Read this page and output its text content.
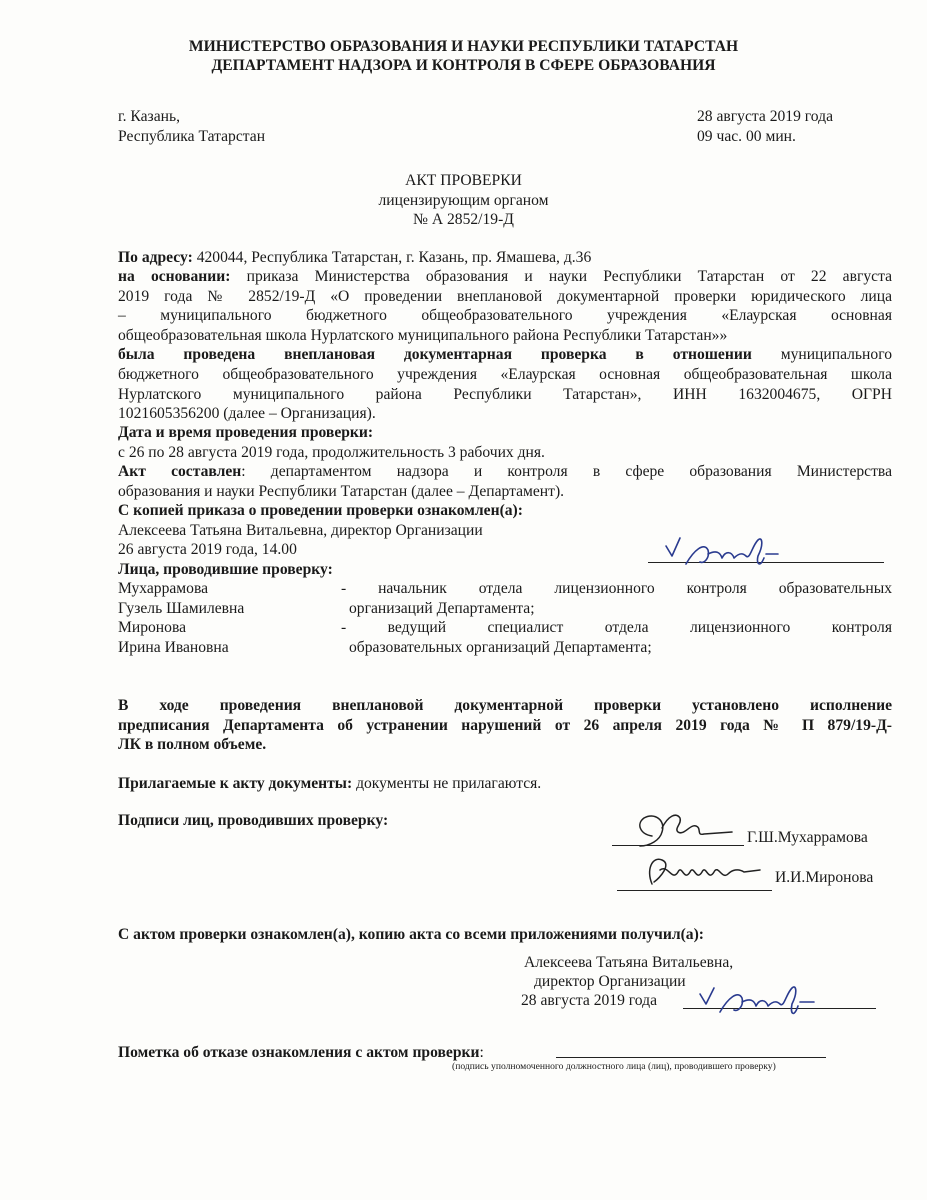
МИНИСТЕРСТВО ОБРАЗОВАНИЯ И НАУКИ РЕСПУБЛИКИ ТАТАРСТАН
ДЕПАРТАМЕНТ НАДЗОРА И КОНТРОЛЯ В СФЕРЕ ОБРАЗОВАНИЯ
г. Казань,
Республика Татарстан
28 августа 2019 года
09 час. 00 мин.
АКТ ПРОВЕРКИ
лицензирующим органом
№ А 2852/19-Д
По адресу: 420044, Республика Татарстан, г. Казань, пр. Ямашева, д.36
на основании: приказа Министерства образования и науки Республики Татарстан от 22 августа
2019 года № 2852/19-Д «О проведении внеплановой документарной проверки юридического лица
– муниципального бюджетного общеобразовательного учреждения «Елаурская основная
общеобразовательная школа Нурлатского муниципального района Республики Татарстан»»
была проведена внеплановая документарная проверка в отношении муниципального
бюджетного общеобразовательного учреждения «Елаурская основная общеобразовательная школа
Нурлатского муниципального района Республики Татарстан», ИНН 1632004675, ОГРН
1021605356200 (далее – Организация).
Дата и время проведения проверки:
с 26 по 28 августа 2019 года, продолжительность 3 рабочих дня.
Акт составлен: департаментом надзора и контроля в сфере образования Министерства
образования и науки Республики Татарстан (далее – Департамент).
С копией приказа о проведении проверки ознакомлен(а):
Алексеева Татьяна Витальевна, директор Организации
26 августа 2019 года, 14.00
Лица, проводившие проверку:
Мухаррамова
Гузель Шамилевна
- начальник отдела лицензионного контроля образовательных
организаций Департамента;
Миронова
Ирина Ивановна
- ведущий специалист отдела лицензионного контроля
образовательных организаций Департамента;
В ходе проведения внеплановой документарной проверки установлено исполнение
предписания Департамента об устранении нарушений от 26 апреля 2019 года № П 879/19-Д-
ЛК в полном объеме.
Прилагаемые к акту документы: документы не прилагаются.
Подписи лиц, проводивших проверку:
Г.Ш.Мухаррамова
И.И.Миронова
С актом проверки ознакомлен(а), копию акта со всеми приложениями получил(а):
Алексеева Татьяна Витальевна,
директор Организации
28 августа 2019 года
Пометка об отказе ознакомления с актом проверки:
(подпись уполномоченного должностного лица (лиц), проводившего проверку)
